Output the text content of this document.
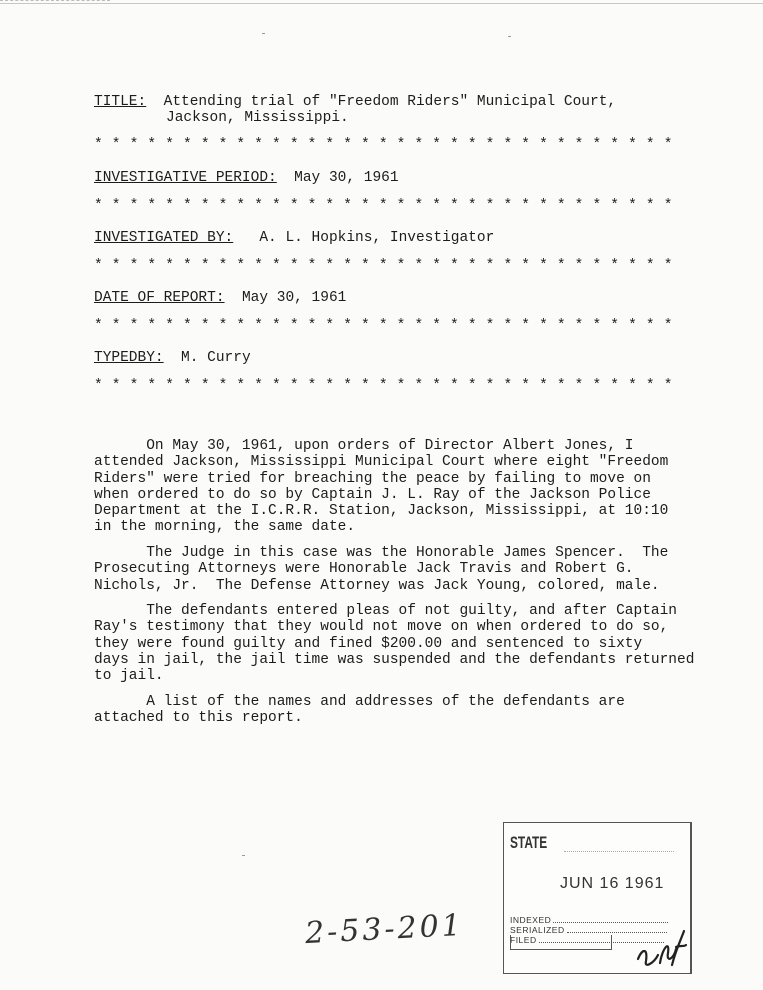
TITLE: Attending trial of "Freedom Riders" Municipal Court,
Jackson, Mississippi.
* * * * * * * * * * * * * * * * * * * * * * * * * * * * * * * * *
INVESTIGATIVE PERIOD: May 30, 1961
* * * * * * * * * * * * * * * * * * * * * * * * * * * * * * * * *
INVESTIGATED BY: A. L. Hopkins, Investigator
* * * * * * * * * * * * * * * * * * * * * * * * * * * * * * * * *
DATE OF REPORT: May 30, 1961
* * * * * * * * * * * * * * * * * * * * * * * * * * * * * * * * *
TYPEDBY: M. Curry
* * * * * * * * * * * * * * * * * * * * * * * * * * * * * * * * *
On May 30, 1961, upon orders of Director Albert Jones, I
attended Jackson, Mississippi Municipal Court where eight "Freedom
Riders" were tried for breaching the peace by failing to move on
when ordered to do so by Captain J. L. Ray of the Jackson Police
Department at the I.C.R.R. Station, Jackson, Mississippi, at 10:10
in the morning, the same date.
The Judge in this case was the Honorable James Spencer.  The
Prosecuting Attorneys were Honorable Jack Travis and Robert G.
Nichols, Jr.  The Defense Attorney was Jack Young, colored, male.
The defendants entered pleas of not guilty, and after Captain
Ray's testimony that they would not move on when ordered to do so,
they were found guilty and fined $200.00 and sentenced to sixty
days in jail, the jail time was suspended and the defendants returned
to jail.
A list of the names and addresses of the defendants are
attached to this report.
STATE
JUN 16 1961
INDEXED
SERIALIZED
FILED
2-53-201
